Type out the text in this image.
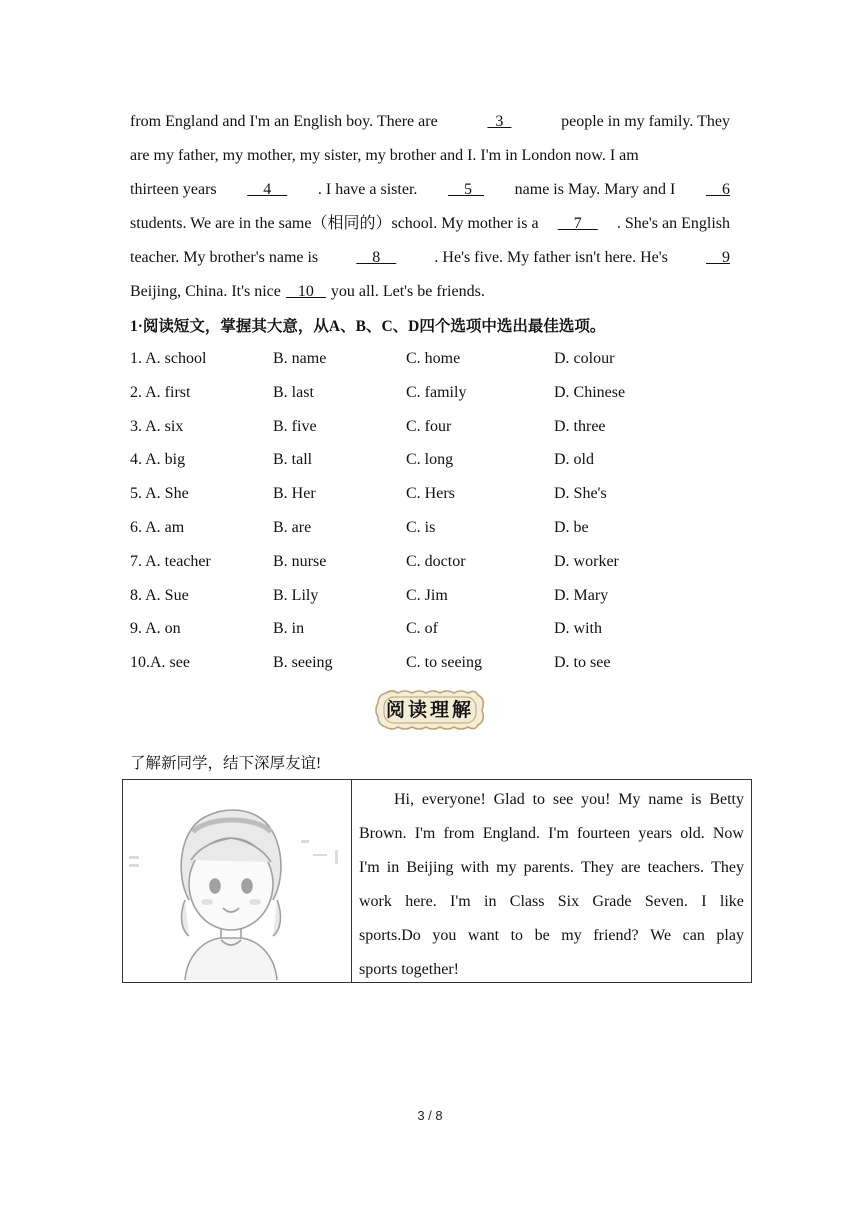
from England and I'm an English boy. There are	3	people in my family. They
are my father, my mother, my sister, my brother and I. I'm in London now. I am
thirteen years 4 . I have a sister. 5 name is May. Mary and I 6
students. We are in the same（相同的）school. My mother is a 7 . She's an English
teacher. My brother's name is 8 . He's five. My father isn't here. He's 9
Beijing, China. It's nice 10 you all. Let's be friends.
1·阅读短文，掌握其大意，从A、B、C、D四个选项中选出最佳选项。
1. A. school	B. name	C. home	D. colour
2. A. first	B. last	C. family	D. Chinese
3. A. six	B. five	C. four	D. three
4. A. big	B. tall	C. long	D. old
5. A. She	B. Her	C. Hers	D. She's
6. A. am	B. are	C. is	D. be
7. A. teacher	B. nurse	C. doctor	D. worker
8. A. Sue	B. Lily	C. Jim	D. Mary
9. A. on	B. in	C. of	D. with
10.A. see	B. seeing	C. to seeing	D. to see
阅读理解
了解新同学，结下深厚友谊!
Hi, everyone! Glad to see you! My name is Betty
Brown. I'm from England. I'm fourteen years old. Now
I'm in Beijing with my parents. They are teachers. They
work here. I'm in Class Six Grade Seven. I like
sports.Do you want to be my friend? We can play
sports together!
3 / 8
